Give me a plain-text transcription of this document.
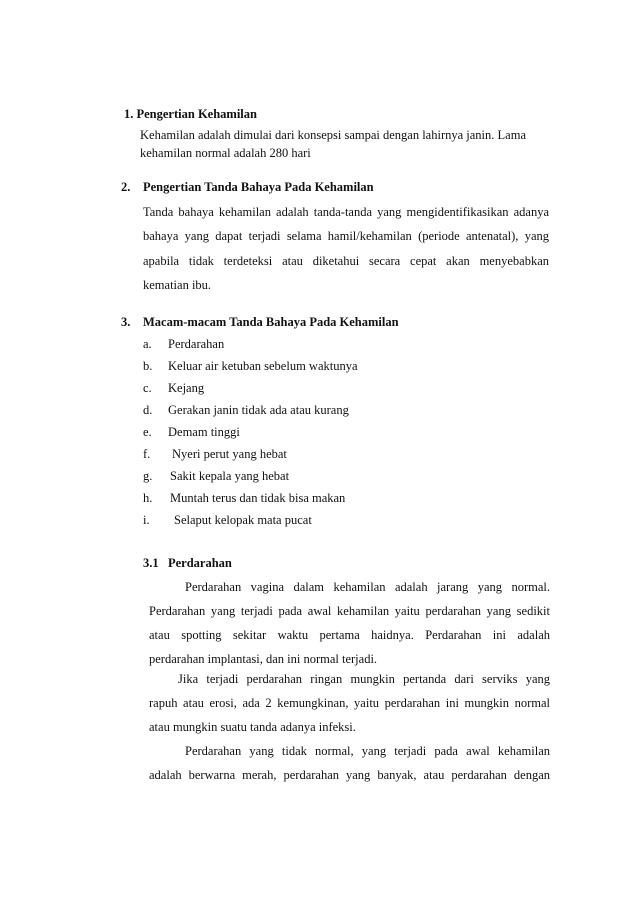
1. Pengertian Kehamilan
Kehamilan adalah dimulai dari konsepsi sampai dengan lahirnya janin. Lama
kehamilan normal adalah 280 hari
2. Pengertian Tanda Bahaya Pada Kehamilan
Tanda bahaya kehamilan adalah tanda-tanda yang mengidentifikasikan adanya
bahaya yang dapat terjadi selama hamil/kehamilan (periode antenatal), yang
apabila tidak terdeteksi atau diketahui secara cepat akan menyebabkan
kematian ibu.
3. Macam-macam Tanda Bahaya Pada Kehamilan
a. Perdarahan
b. Keluar air ketuban sebelum waktunya
c. Kejang
d. Gerakan janin tidak ada atau kurang
e. Demam tinggi
f. Nyeri perut yang hebat
g. Sakit kepala yang hebat
h. Muntah terus dan tidak bisa makan
i. Selaput kelopak mata pucat
3.1 Perdarahan
Perdarahan vagina dalam kehamilan adalah jarang yang normal.
Perdarahan yang terjadi pada awal kehamilan yaitu perdarahan yang sedikit
atau spotting sekitar waktu pertama haidnya. Perdarahan ini adalah
perdarahan implantasi, dan ini normal terjadi.
Jika terjadi perdarahan ringan mungkin pertanda dari serviks yang
rapuh atau erosi, ada 2 kemungkinan, yaitu perdarahan ini mungkin normal
atau mungkin suatu tanda adanya infeksi.
Perdarahan yang tidak normal, yang terjadi pada awal kehamilan
adalah berwarna merah, perdarahan yang banyak, atau perdarahan dengan
